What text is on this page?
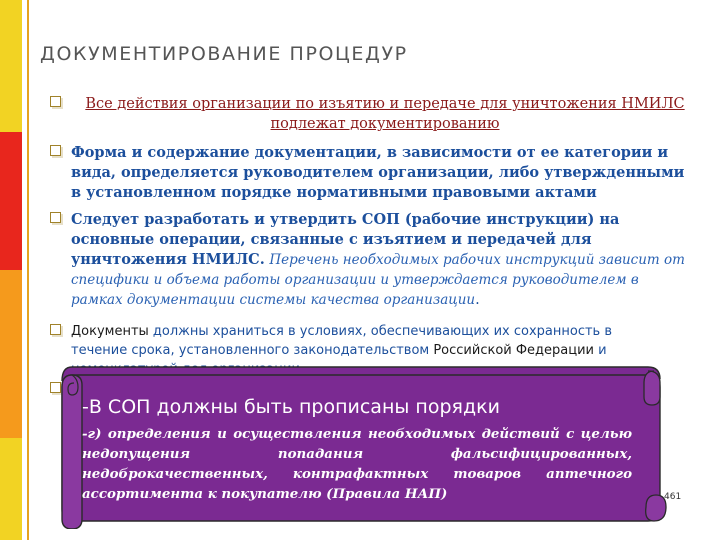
ДОКУМЕНТИРОВАНИЕ ПРОЦЕДУР
Все действия организации по изъятию и передаче для уничтожения НМИЛС подлежат документированию
Форма и содержание документации, в зависимости от ее категории и вида, определяется руководителем организации, либо утвержденными в установленном порядке нормативными правовыми актами
Следует разработать и утвердить СОП (рабочие инструкции) на основные операции, связанные с изъятием и передачей для уничтожения НМИЛС. Перечень необходимых рабочих инструкций зависит от специфики и объема работы организации и утверждается руководителем в рамках документации системы качества организации.
Документы должны храниться в условиях, обеспечивающих их сохранность в течение срока, установленного законодательством Российской Федерации и
-В СОП должны быть прописаны порядки
-г) определения и осуществления необходимых действий с целью недопущения попадания фальсифицированных, недоброкачественных, контрафактных товаров аптечного ассортимента к покупателю (Правила НАП)	461
